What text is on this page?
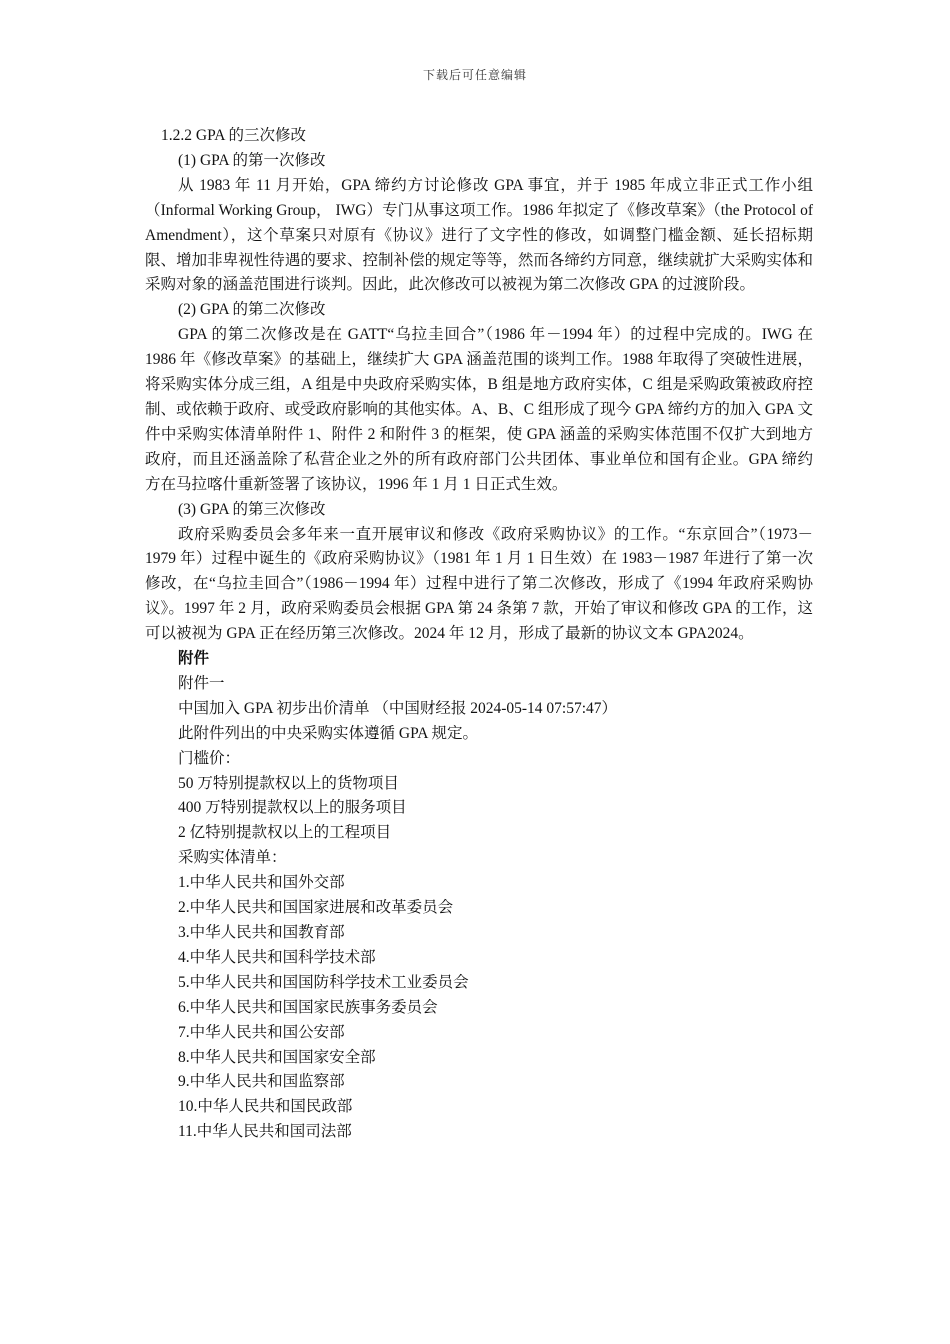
下载后可任意编辑

1.2.2 GPA 的三次修改

(1) GPA 的第一次修改

从 1983 年 11 月开始，GPA 缔约方讨论修改 GPA 事宜，并于 1985 年成立非正式工作小组（Informal Working Group， IWG）专门从事这项工作。1986 年拟定了《修改草案》（the Protocol of Amendment），这个草案只对原有《协议》进行了文字性的修改，如调整门槛金额、延长招标期限、增加非卑视性待遇的要求、控制补偿的规定等等，然而各缔约方同意，继续就扩大采购实体和采购对象的涵盖范围进行谈判。因此，此次修改可以被视为第二次修改 GPA 的过渡阶段。

(2) GPA 的第二次修改

GPA 的第二次修改是在 GATT“乌拉圭回合”（1986 年－1994 年）的过程中完成的。IWG 在 1986 年《修改草案》的基础上，继续扩大 GPA 涵盖范围的谈判工作。1988 年取得了突破性进展，将采购实体分成三组，A 组是中央政府采购实体，B 组是地方政府实体，C 组是采购政策被政府控制、或依赖于政府、或受政府影响的其他实体。A、B、C 组形成了现今 GPA 缔约方的加入 GPA 文件中采购实体清单附件 1、附件 2 和附件 3 的框架，使 GPA 涵盖的采购实体范围不仅扩大到地方政府，而且还涵盖除了私营企业之外的所有政府部门公共团体、事业单位和国有企业。GPA 缔约方在马拉喀什重新签署了该协议，1996 年 1 月 1 日正式生效。

(3) GPA 的第三次修改

政府采购委员会多年来一直开展审议和修改《政府采购协议》的工作。“东京回合”（1973－1979 年）过程中诞生的《政府采购协议》（1981 年 1 月 1 日生效）在 1983－1987 年进行了第一次修改，在“乌拉圭回合”（1986－1994 年）过程中进行了第二次修改，形成了《1994 年政府采购协议》。1997 年 2 月，政府采购委员会根据 GPA 第 24 条第 7 款，开始了审议和修改 GPA 的工作，这可以被视为 GPA 正在经历第三次修改。2024 年 12 月，形成了最新的协议文本 GPA2024。

附件

附件一

中国加入 GPA 初步出价清单 （中国财经报 2024-05-14 07:57:47）

此附件列出的中央采购实体遵循 GPA 规定。

门槛价：

50 万特别提款权以上的货物项目

400 万特别提款权以上的服务项目

2 亿特别提款权以上的工程项目

采购实体清单：

1.中华人民共和国外交部

2.中华人民共和国国家进展和改革委员会

3.中华人民共和国教育部

4.中华人民共和国科学技术部

5.中华人民共和国国防科学技术工业委员会

6.中华人民共和国国家民族事务委员会

7.中华人民共和国公安部

8.中华人民共和国国家安全部

9.中华人民共和国监察部

10.中华人民共和国民政部

11.中华人民共和国司法部
